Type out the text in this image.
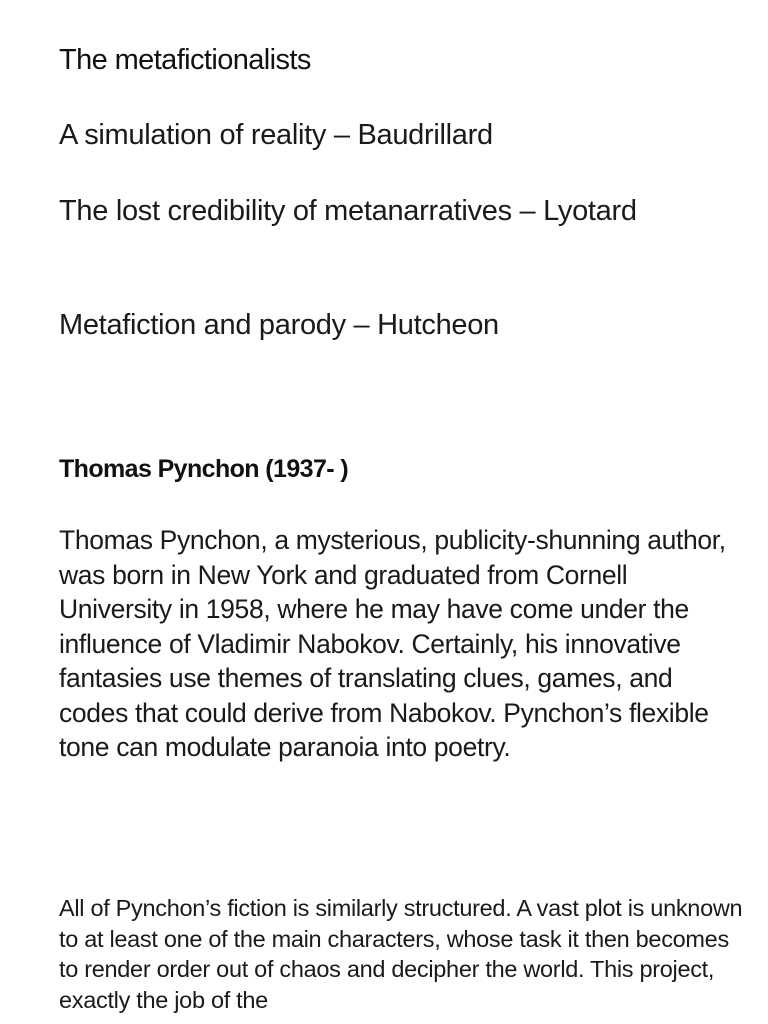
The metafictionalists

A simulation of reality – Baudrillard

The lost credibility of metanarratives – Lyotard

Metafiction and parody – Hutcheon

Thomas Pynchon (1937- )

Thomas Pynchon, a mysterious, publicity-shunning author, was born in New York and graduated from Cornell University in 1958, where he may have come under the influence of Vladimir Nabokov. Certainly, his innovative fantasies use themes of translating clues, games, and codes that could derive from Nabokov. Pynchon’s flexible tone can modulate paranoia into poetry.

All of Pynchon’s fiction is similarly structured. A vast plot is unknown to at least one of the main characters, whose task it then becomes to render order out of chaos and decipher the world. This project, exactly the job of the
